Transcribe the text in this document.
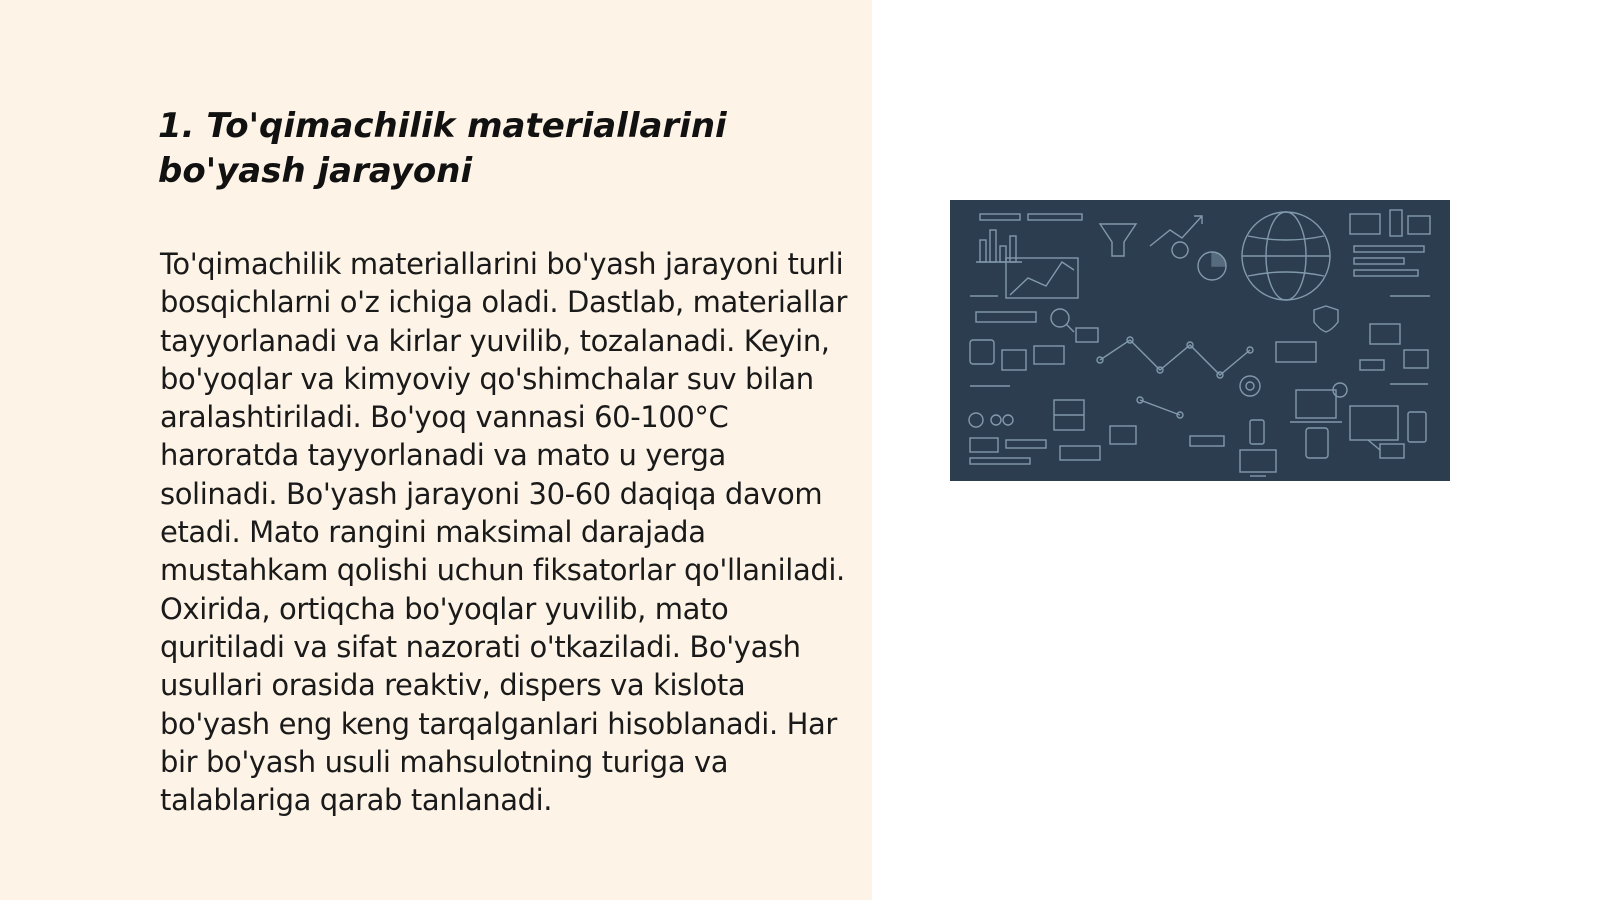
1. To'qimachilik materiallarini bo'yash jarayoni

To'qimachilik materiallarini bo'yash jarayoni turli bosqichlarni o'z ichiga oladi. Dastlab, materiallar tayyorlanadi va kirlar yuvilib, tozalanadi. Keyin, bo'yoqlar va kimyoviy qo'shimchalar suv bilan aralashtiriladi. Bo'yoq vannasi 60-100°C haroratda tayyorlanadi va mato u yerga solinadi. Bo'yash jarayoni 30-60 daqiqa davom etadi. Mato rangini maksimal darajada mustahkam qolishi uchun fiksatorlar qo'llaniladi. Oxirida, ortiqcha bo'yoqlar yuvilib, mato quritiladi va sifat nazorati o'tkaziladi. Bo'yash usullari orasida reaktiv, dispers va kislota bo'yash eng keng tarqalganlari hisoblanadi. Har bir bo'yash usuli mahsulotning turiga va talablariga qarab tanlanadi.
